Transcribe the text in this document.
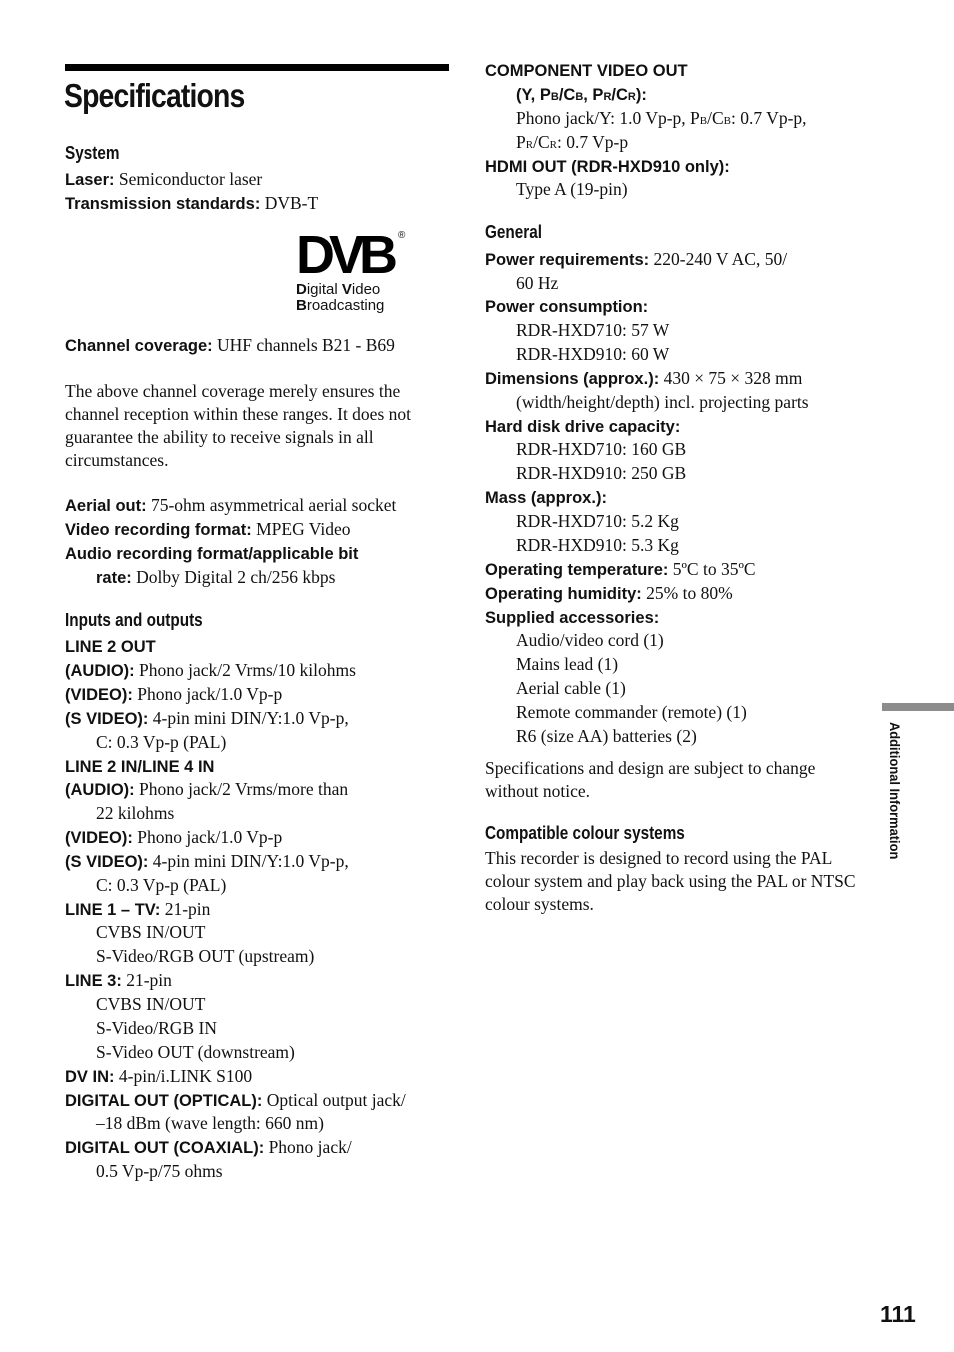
Specifications
System
Laser: Semiconductor laser
Transmission standards: DVB-T
Channel coverage: UHF channels B21 - B69
The above channel coverage merely ensures the channel reception within these ranges. It does not guarantee the ability to receive signals in all circumstances.
Aerial out: 75-ohm asymmetrical aerial socket
Video recording format: MPEG Video
Audio recording format/applicable bit
rate: Dolby Digital 2 ch/256 kbps
Inputs and outputs
LINE 2 OUT
(AUDIO): Phono jack/2 Vrms/10 kilohms
(VIDEO): Phono jack/1.0 Vp-p
(S VIDEO): 4-pin mini DIN/Y:1.0 Vp-p,
C: 0.3 Vp-p (PAL)
LINE 2 IN/LINE 4 IN
(AUDIO): Phono jack/2 Vrms/more than
22 kilohms
(VIDEO): Phono jack/1.0 Vp-p
(S VIDEO): 4-pin mini DIN/Y:1.0 Vp-p,
C: 0.3 Vp-p (PAL)
LINE 1 – TV: 21-pin
CVBS IN/OUT
S-Video/RGB OUT (upstream)
LINE 3: 21-pin
CVBS IN/OUT
S-Video/RGB IN
S-Video OUT (downstream)
DV IN: 4-pin/i.LINK S100
DIGITAL OUT (OPTICAL): Optical output jack/
–18 dBm (wave length: 660 nm)
DIGITAL OUT (COAXIAL): Phono jack/
0.5 Vp-p/75 ohms
DVB ®
Digital Video
Broadcasting
COMPONENT VIDEO OUT
(Y, PB/CB, PR/CR):
Phono jack/Y: 1.0 Vp-p, PB/CB: 0.7 Vp-p,
PR/CR: 0.7 Vp-p
HDMI OUT (RDR-HXD910 only):
Type A (19-pin)
General
Power requirements: 220-240 V AC, 50/
60 Hz
Power consumption:
RDR-HXD710: 57 W
RDR-HXD910: 60 W
Dimensions (approx.): 430 × 75 × 328 mm
(width/height/depth) incl. projecting parts
Hard disk drive capacity:
RDR-HXD710: 160 GB
RDR-HXD910: 250 GB
Mass (approx.):
RDR-HXD710: 5.2 Kg
RDR-HXD910: 5.3 Kg
Operating temperature: 5ºC to 35ºC
Operating humidity: 25% to 80%
Supplied accessories:
Audio/video cord (1)
Mains lead (1)
Aerial cable (1)
Remote commander (remote) (1)
R6 (size AA) batteries (2)
Specifications and design are subject to change without notice.
Compatible colour systems
This recorder is designed to record using the PAL colour system and play back using the PAL or NTSC colour systems.
Additional Information
111
